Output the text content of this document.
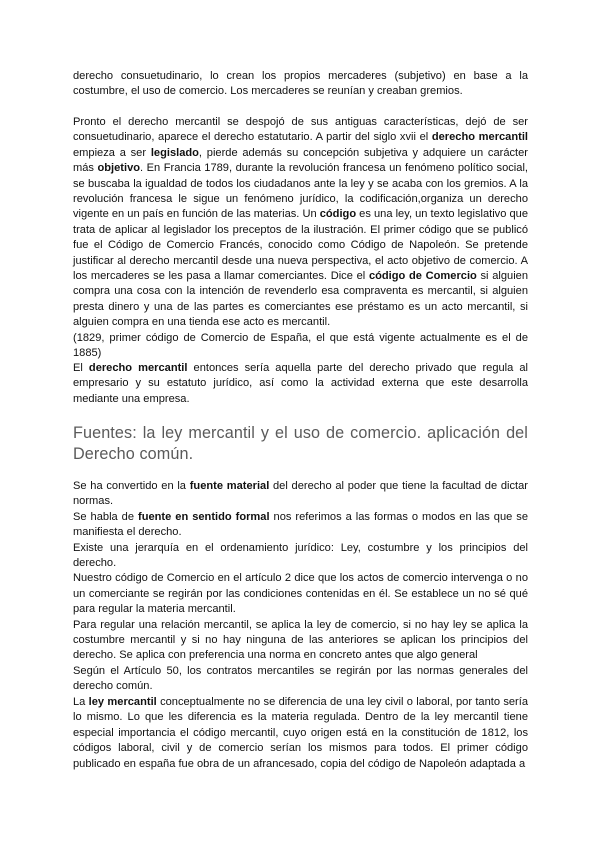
derecho consuetudinario, lo crean los propios mercaderes (subjetivo) en base a la costumbre, el uso de comercio. Los mercaderes se reunían y creaban gremios.

Pronto el derecho mercantil se despojó de sus antiguas características, dejó de ser consuetudinario, aparece el derecho estatutario. A partir del siglo xvii el derecho mercantil empieza a ser legislado, pierde además su concepción subjetiva y adquiere un carácter más objetivo. En Francia 1789, durante la revolución francesa un fenómeno político social, se buscaba la igualdad de todos los ciudadanos ante la ley y se acaba con los gremios. A la revolución francesa le sigue un fenómeno jurídico, la codificación,organiza un derecho vigente en un país en función de las materias. Un código es una ley, un texto legislativo que trata de aplicar al legislador los preceptos de la ilustración. El primer código que se publicó fue el Código de Comercio Francés, conocido como Código de Napoleón. Se pretende justificar al derecho mercantil desde una nueva perspectiva, el acto objetivo de comercio. A los mercaderes se les pasa a llamar comerciantes. Dice el código de Comercio si alguien compra una cosa con la intención de revenderlo esa compraventa es mercantil, si alguien presta dinero y una de las partes es comerciantes ese préstamo es un acto mercantil, si alguien compra en una tienda ese acto es mercantil.
(1829, primer código de Comercio de España, el que está vigente actualmente es el de 1885)

El derecho mercantil entonces sería aquella parte del derecho privado que regula al empresario y su estatuto jurídico, así como la actividad externa que este desarrolla mediante una empresa.

Fuentes: la ley mercantil y el uso de comercio. aplicación del Derecho común.
Se ha convertido en la fuente material del derecho al poder que tiene la facultad de dictar normas.
Se habla de fuente en sentido formal nos referimos a las formas o modos en las que se manifiesta el derecho.
Existe una jerarquía en el ordenamiento jurídico: Ley, costumbre y los principios del derecho.
Nuestro código de Comercio en el artículo 2 dice que los actos de comercio intervenga o no un comerciante se regirán por las condiciones contenidas en él. Se establece un no sé qué para regular la materia mercantil.
Para regular una relación mercantil, se aplica la ley de comercio, si no hay ley se aplica la costumbre mercantil y si no hay ninguna de las anteriores se aplican los principios del derecho. Se aplica con preferencia una norma en concreto antes que algo general
Según el Artículo 50, los contratos mercantiles se regirán por las normas generales del derecho común.

La ley mercantil conceptualmente no se diferencia de una ley civil o laboral, por tanto sería lo mismo. Lo que les diferencia es la materia regulada. Dentro de la ley mercantil tiene especial importancia el código mercantil, cuyo origen está en la constitución de 1812, los códigos laboral, civil y de comercio serían los mismos para todos. El primer código publicado en españa fue obra de un afrancesado, copia del código de Napoleón adaptada a
